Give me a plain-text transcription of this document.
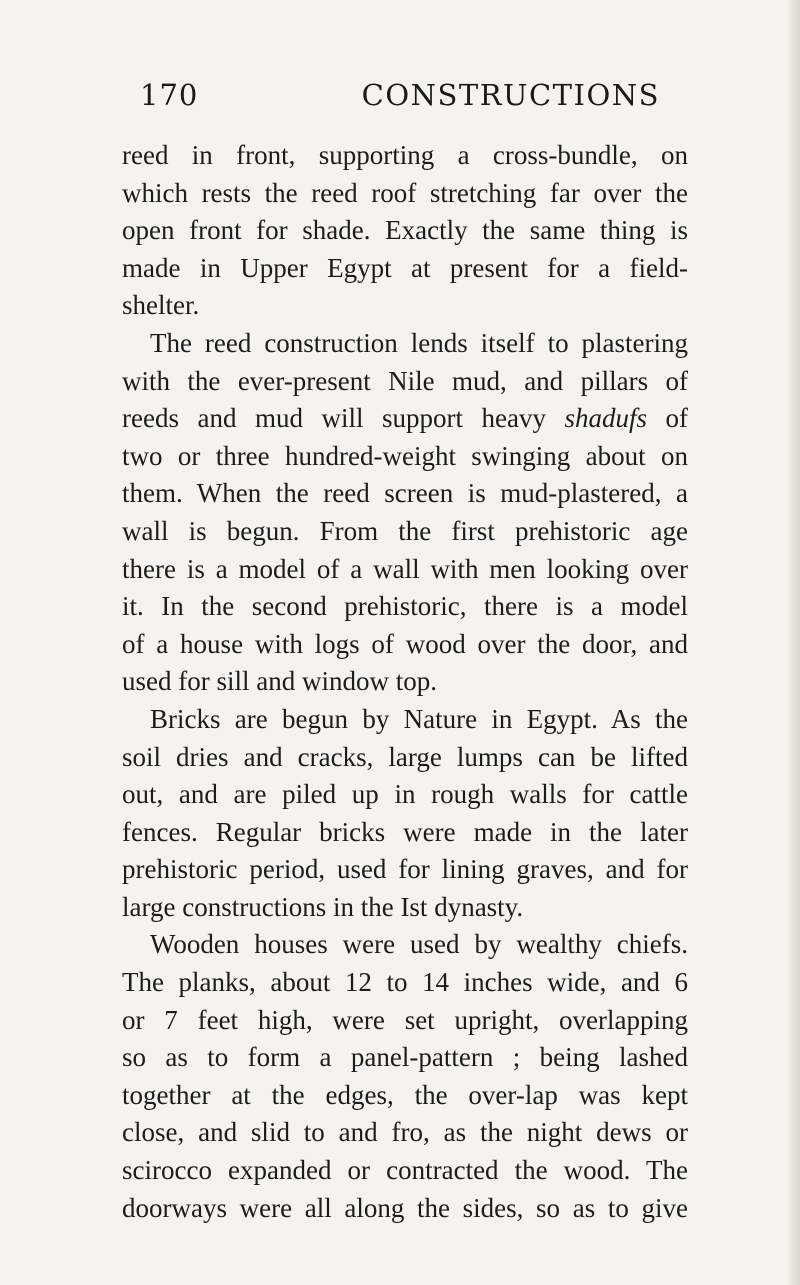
170	CONSTRUCTIONS
reed in front, supporting a cross-bundle, on
which rests the reed roof stretching far over the
open front for shade. Exactly the same thing is
made in Upper Egypt at present for a field-
shelter.
The reed construction lends itself to plastering
with the ever-present Nile mud, and pillars of
reeds and mud will support heavy shadufs of
two or three hundred-weight swinging about on
them. When the reed screen is mud-plastered, a
wall is begun. From the first prehistoric age
there is a model of a wall with men looking over
it. In the second prehistoric, there is a model
of a house with logs of wood over the door, and
used for sill and window top.
Bricks are begun by Nature in Egypt. As the
soil dries and cracks, large lumps can be lifted
out, and are piled up in rough walls for cattle
fences. Regular bricks were made in the later
prehistoric period, used for lining graves, and for
large constructions in the Ist dynasty.
Wooden houses were used by wealthy chiefs.
The planks, about 12 to 14 inches wide, and 6
or 7 feet high, were set upright, overlapping
so as to form a panel-pattern ; being lashed
together at the edges, the over-lap was kept
close, and slid to and fro, as the night dews or
scirocco expanded or contracted the wood. The
doorways were all along the sides, so as to give
